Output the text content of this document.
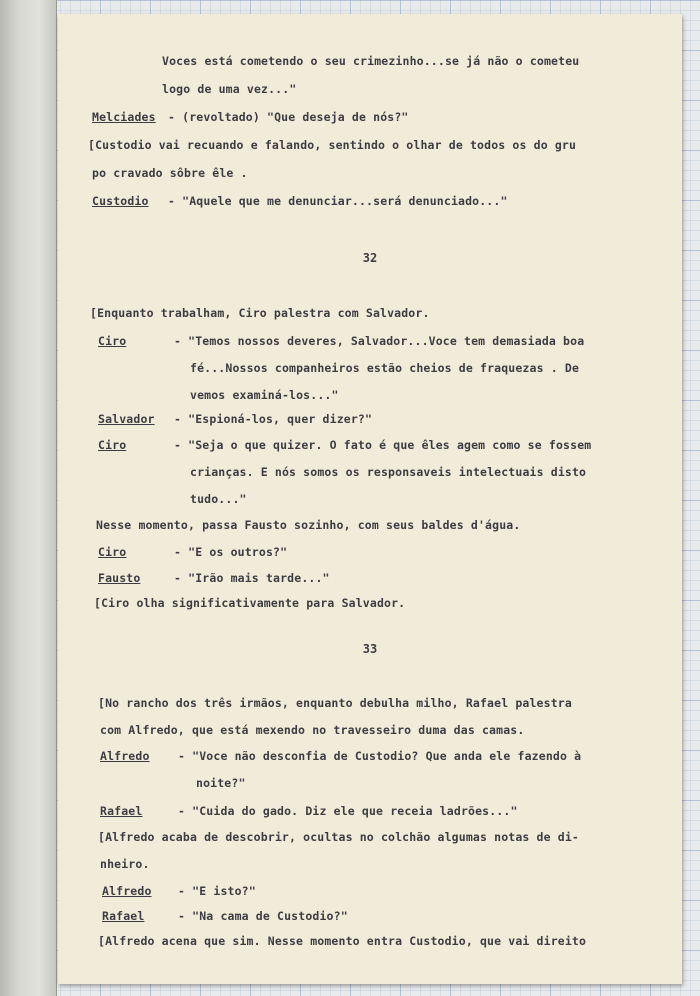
Voces está cometendo o seu crimezinho...se já não o cometeu

logo de uma vez..."

Melciades - (revoltado) "Que deseja de nós?"

[Custodio vai recuando e falando, sentindo o olhar de todos os do gru

po cravado sôbre êle .

Custodio - "Aquele que me denunciar...será denunciado..."

32

[Enquanto trabalham, Ciro palestra com Salvador.

Ciro	- "Temos nossos deveres, Salvador...Voce tem demasiada boa

fé...Nossos companheiros estão cheios de fraquezas . De

vemos examiná-los..."

Salvador - "Espioná-los, quer dizer?"

Ciro	- "Seja o que quizer. O fato é que êles agem como se fossem

crianças. E nós somos os responsaveis intelectuais disto

tudo..."

Nesse momento, passa Fausto sozinho, com seus baldes d'água.

Ciro	- "E os outros?"

Fausto	- "Irão mais tarde..."

[Ciro olha significativamente para Salvador.

33

[No rancho dos três irmãos, enquanto debulha milho, Rafael palestra

com Alfredo, que está mexendo no travesseiro duma das camas.

Alfredo - "Voce não desconfia de Custodio? Que anda ele fazendo à

noite?"

Rafael	- "Cuida do gado. Diz ele que receia ladrões..."

[Alfredo acaba de descobrir, ocultas no colchão algumas notas de di-

nheiro.

Alfredo - "E isto?"

Rafael	- "Na cama de Custodio?"

[Alfredo acena que sim. Nesse momento entra Custodio, que vai direito
